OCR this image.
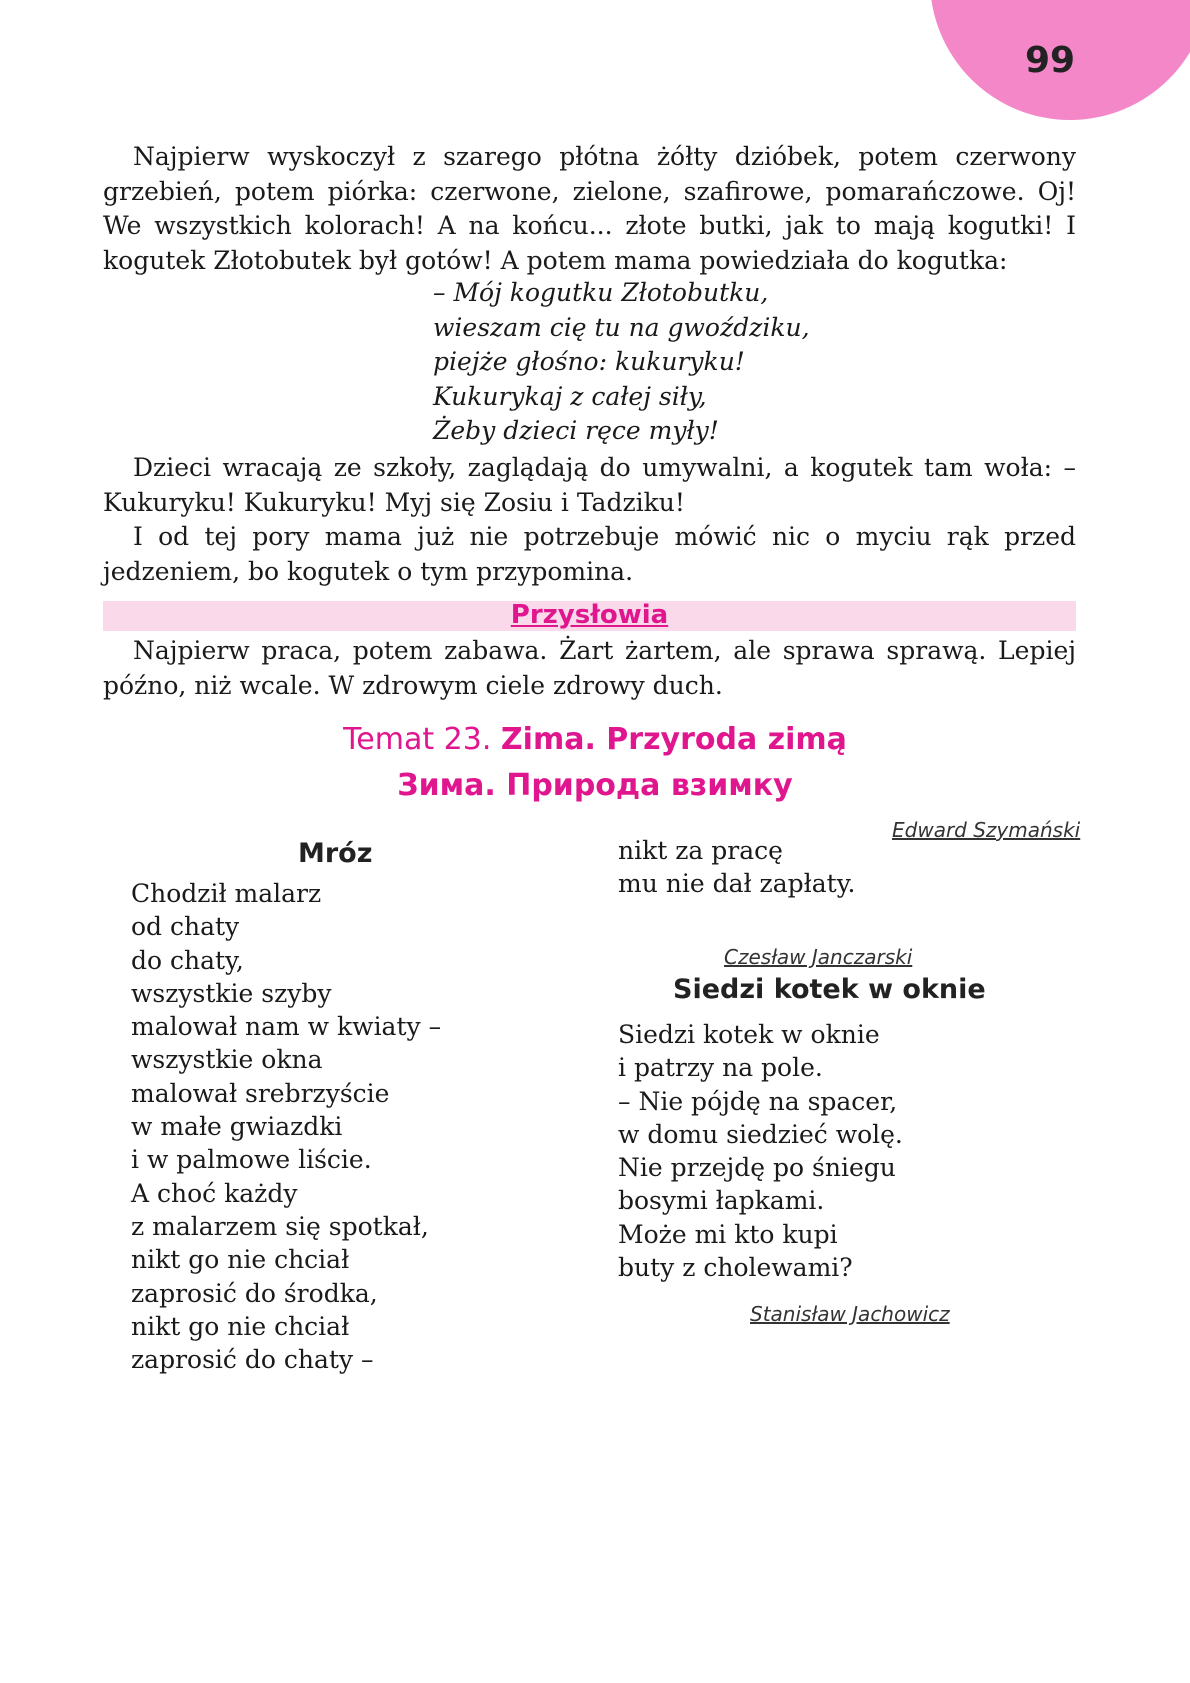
99

Najpierw wyskoczył z szarego płótna żółty dzióbek, potem czerwony grzebień, potem piórka: czerwone, zielone, szafirowe, pomarańczowe. Oj! We wszystkich kolorach! A na końcu... złote butki, jak to mają kogutki! I kogutek Złotobutek był gotów! A potem mama powiedziała do kogutka:

– Mój kogutku Złotobutku,
wieszam cię tu na gwoździku,
piejże głośno: kukuryku!
Kukurykaj z całej siły,
Żeby dzieci ręce myły!

Dzieci wracają ze szkoły, zaglądają do umywalni, a kogutek tam woła: – Kukuryku! Kukuryku! Myj się Zosiu i Tadziku!

I od tej pory mama już nie potrzebuje mówić nic o myciu rąk przed jedzeniem, bo kogutek o tym przypomina.

Przysłowia

Najpierw praca, potem zabawa. Żart żartem, ale sprawa sprawą. Lepiej późno, niż wcale. W zdrowym ciele zdrowy duch.

Temat 23. Zima. Przyroda zimą
Зима. Природа взимку
Edward Szymański
Mróz
Chodził malarz
od chaty
do chaty,
wszystkie szyby
malował nam w kwiaty –
wszystkie okna
malował srebrzyście
w małe gwiazdki
i w palmowe liście.
A choć każdy
z malarzem się spotkał,
nikt go nie chciał
zaprosić do środka,
nikt go nie chciał
zaprosić do chaty –
nikt za pracę
mu nie dał zapłaty.
Czesław Janczarski
Siedzi kotek w oknie
Siedzi kotek w oknie
i patrzy na pole.
– Nie pójdę na spacer,
w domu siedzieć wolę.
Nie przejdę po śniegu
bosymi łapkami.
Może mi kto kupi
buty z cholewami?
Stanisław Jachowicz
